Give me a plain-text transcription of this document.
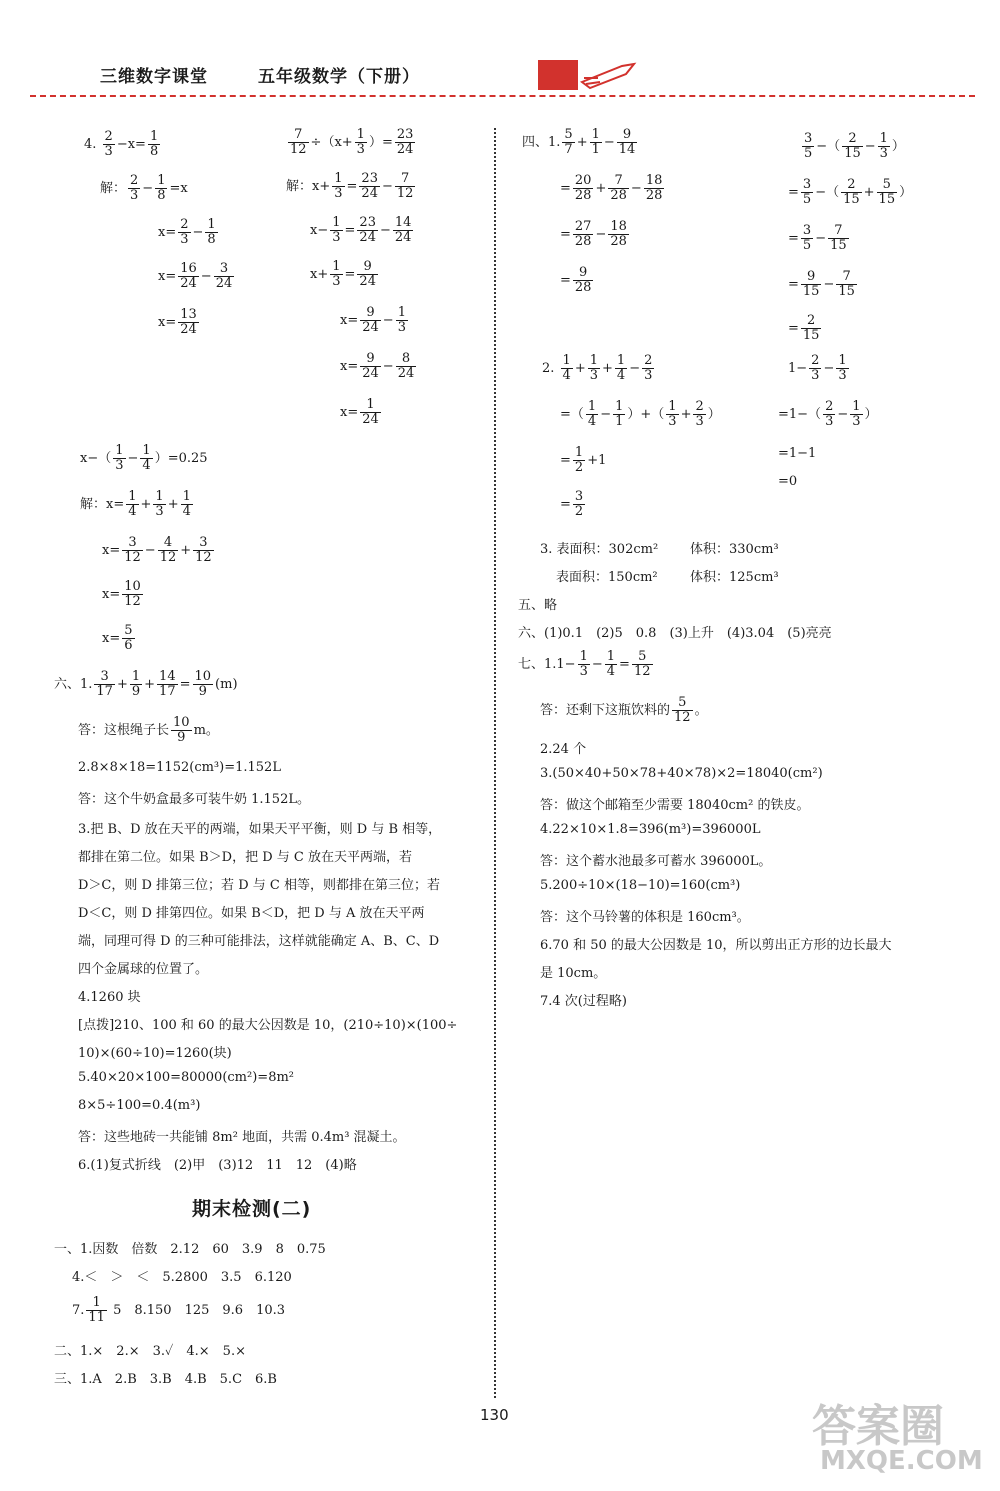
三维数字课堂	五年级数学（下册）
4. $\frac{2}{3} -x= \frac{1}{8}$	$\frac{7}{12} \div(x+ \frac{1}{3}$ ）= $\frac{23}{24}$
解： $\frac{2}{3} - \frac{1}{8} =x$	解：$x+ \frac{1}{3} = \frac{23}{24} - \frac{7}{12}$
$x= \frac{2}{3} - \frac{1}{8}$	$x- \frac{1}{3} = \frac{23}{24} - \frac{14}{24}$
$x= \frac{16}{24} - \frac{3}{24}$	$x+ \frac{1}{3} = \frac{9}{24}$
$x= \frac{13}{24}$	$x= \frac{9}{24} - \frac{1}{3}$
$x= \frac{9}{24} - \frac{8}{24}$
$x= \frac{1}{24}$
$x-( \frac{1}{3} - \frac{1}{4} )=0.25$
解：$x= \frac{1}{4} + \frac{1}{3} + \frac{1}{4}$
$x= \frac{3}{12} - \frac{4}{12} + \frac{3}{12}$
$x= \frac{10}{12}$
$x= \frac{5}{6}$
六、1. $\frac{3}{17} + \frac{1}{9} + \frac{14}{17} = \frac{10}{9} (m)$
答：这根绳子长 $\frac{10}{9}$ m。
2.8×8×18=1152(cm³)=1.152L
答：这个牛奶盒最多可装牛奶 1.152L。
3.把 B、D 放在天平的两端，如果天平平衡，则 D 与 B 相等，
都排在第二位。如果 B＞D，把 D 与 C 放在天平两端，若
D＞C，则 D 排第三位；若 D 与 C 相等，则都排在第三位；若
D＜C，则 D 排第四位。如果 B＜D，把 D 与 A 放在天平两
端，同理可得 D 的三种可能排法，这样就能确定 A、B、C、D
四个金属球的位置了。
4.1260 块
[点拨]210、100 和 60 的最大公因数是 10，(210÷10)×(100÷
10)×(60÷10)=1260(块)
5.40×20×100=80000(cm²)=8m²
8×5÷100=0.4(m³)
答：这些地砖一共能铺 8m² 地面，共需 0.4m³ 混凝土。
6.(1)复式折线　(2)甲　(3)12　11　12　(4)略
期末检测(二)
一、1.因数　倍数　2.12　60　3.9　8　0.75
4.＜　＞　＜　5.2800　3.5　6.120
7. $\frac{1}{11} 5$　8.150　125　9.6　10.3
二、1.×　2.×　3.✓　4.×　5.×
三、1.A　2.B　3.B　4.B　5.C　6.B
四、1. $\frac{5}{7} + \frac{1}{1} - \frac{9}{14}$	$\frac{3}{5}$ −（ $\frac{2}{15} - \frac{1}{3}$ ）
= $\frac{20}{28} + \frac{7}{28} - \frac{18}{28}$	= $\frac{3}{5}$ −（ $\frac{2}{15} + \frac{5}{15}$ ）
= $\frac{27}{28} - \frac{18}{28}$	= $\frac{3}{5} - \frac{7}{15}$
= $\frac{9}{28}$	= $\frac{9}{15} - \frac{7}{15}$
= $\frac{2}{15}$
2. $\frac{1}{4} + \frac{1}{3} + \frac{1}{4} - \frac{2}{3}$	$1- \frac{2}{3} - \frac{1}{3}$
=（ $\frac{1}{4} - \frac{1}{1}$ ）+（ $\frac{1}{3} + \frac{2}{3}$ ）	$=1-( \frac{2}{3} - \frac{1}{3}$ ）
= $\frac{1}{2} +1$	=1−1
=0
= $\frac{3}{2}$
3. 表面积：302cm² 体积：330cm³
表面积：150cm² 体积：125cm³
五、略
六、(1)0.1　(2)5　0.8　(3)上升　(4)3.04　(5)亮亮
七、$1.1- \frac{1}{3} - \frac{1}{4} = \frac{5}{12}$
答：还剩下这瓶饮料的 $\frac{5}{12}$ 。
2.24 个
3.(50×40+50×78+40×78)×2=18040(cm²)
答：做这个邮箱至少需要 18040cm² 的铁皮。
4.22×10×1.8=396(m³)=396000L
答：这个蓄水池最多可蓄水 396000L。
5.200÷10×(18−10)=160(cm³)
答：这个马铃薯的体积是 160cm³。
6.70 和 50 的最大公因数是 10，所以剪出正方形的边长最大
是 10cm。
7.4 次(过程略)
130	答案圈
MXQE.COM
